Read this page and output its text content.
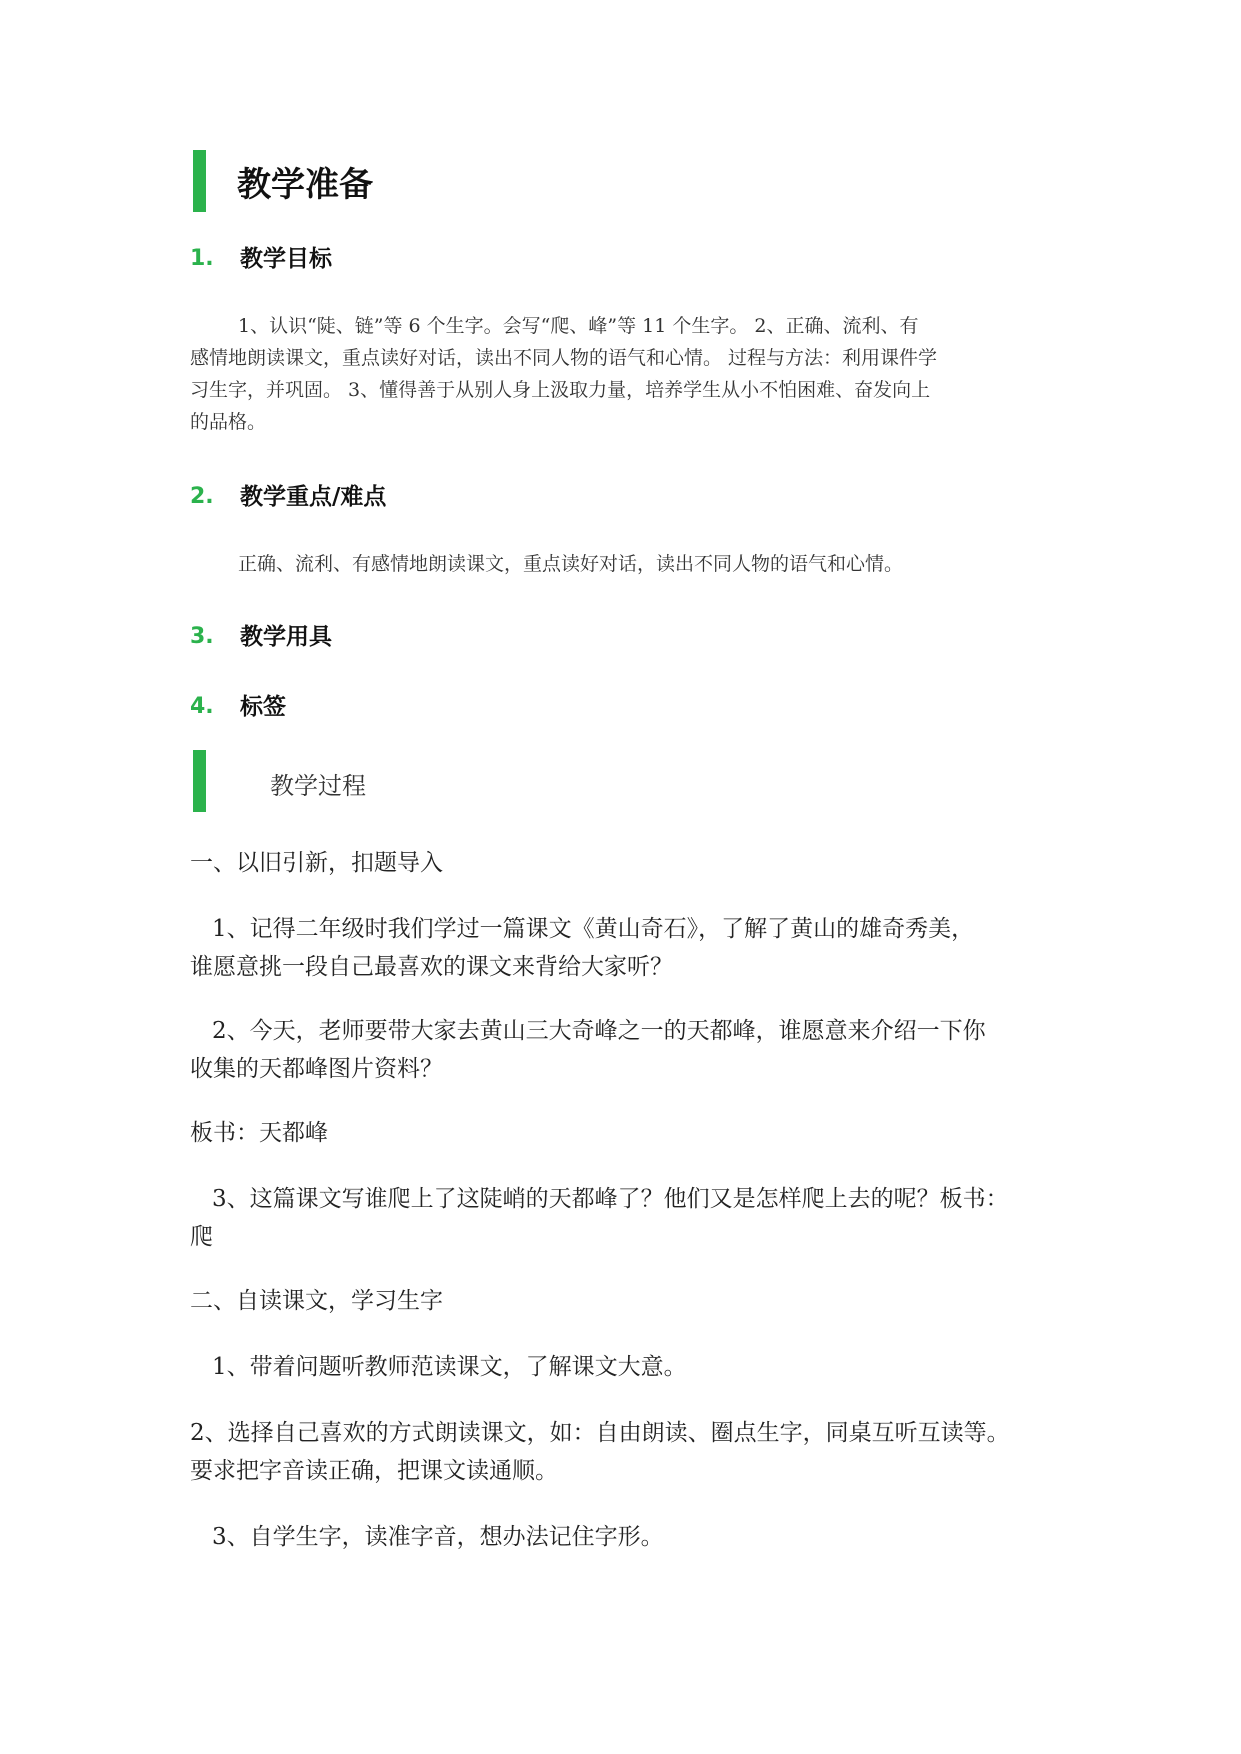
教学准备
1. 教学目标

1、认识“陡、链”等 6 个生字。会写“爬、峰”等 11 个生字。 2、正确、流利、有

感情地朗读课文，重点读好对话，读出不同人物的语气和心情。 过程与方法：利用课件学

习生字，并巩固。 3、懂得善于从别人身上汲取力量，培养学生从小不怕困难、奋发向上

的品格。

2. 教学重点/难点

正确、流利、有感情地朗读课文，重点读好对话，读出不同人物的语气和心情。

3. 教学用具
4. 标签
教学过程

一、以旧引新，扣题导入

1、记得二年级时我们学过一篇课文《黄山奇石》，了解了黄山的雄奇秀美，

谁愿意挑一段自己最喜欢的课文来背给大家听？

2、今天，老师要带大家去黄山三大奇峰之一的天都峰，谁愿意来介绍一下你

收集的天都峰图片资料？

板书：天都峰

3、这篇课文写谁爬上了这陡峭的天都峰了？他们又是怎样爬上去的呢？板书：

爬

二、自读课文，学习生字

1、带着问题听教师范读课文，了解课文大意。

2、选择自己喜欢的方式朗读课文，如：自由朗读、圈点生字，同桌互听互读等。

要求把字音读正确，把课文读通顺。

3、自学生字，读准字音，想办法记住字形。
